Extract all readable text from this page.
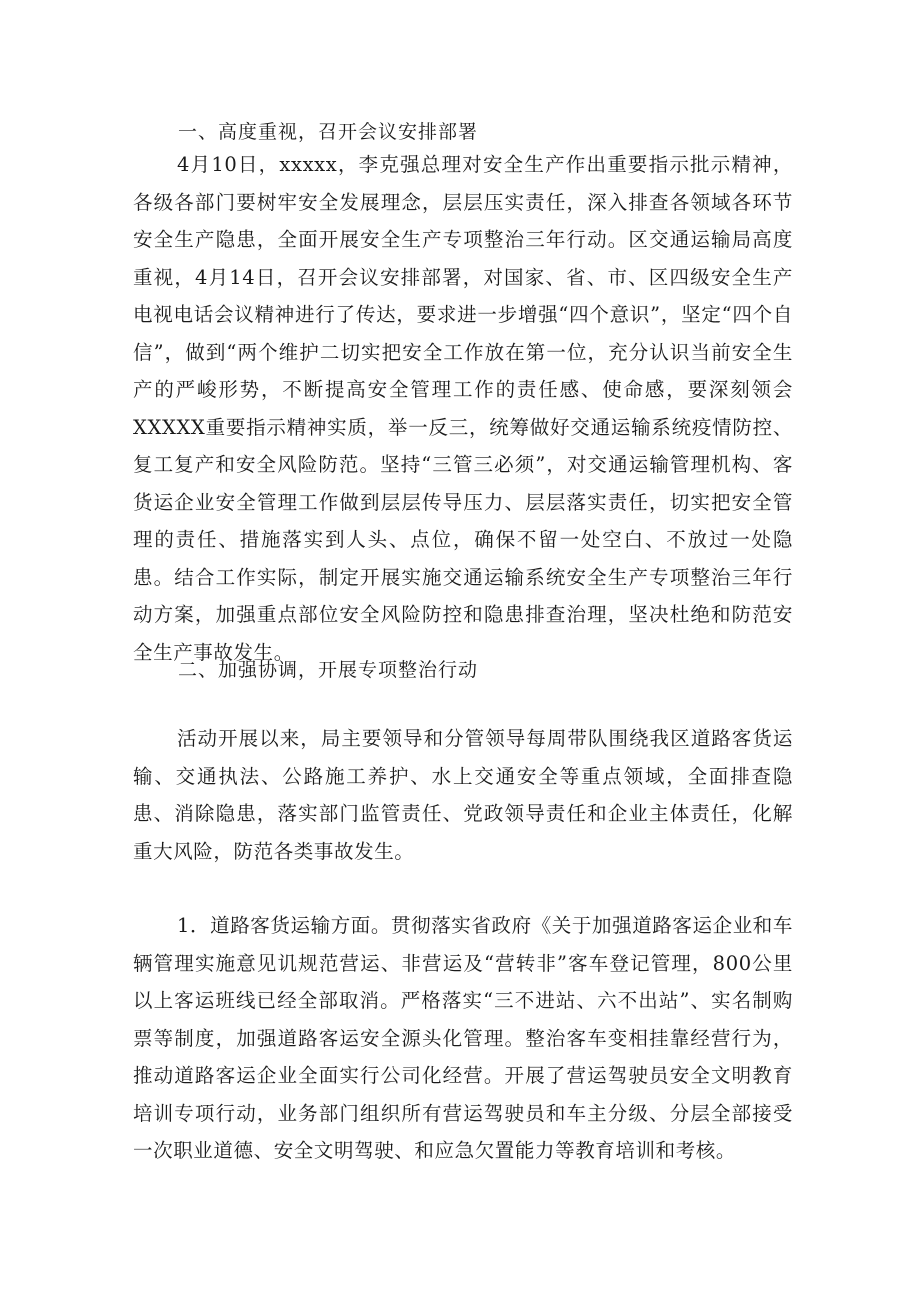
一、高度重视，召开会议安排部署
4月10日，xxxxx，李克强总理对安全生产作出重要指示批示精神，各级各部门要树牢安全发展理念，层层压实责任，深入排查各领域各环节安全生产隐患，全面开展安全生产专项整治三年行动。区交通运输局高度重视，4月14日，召开会议安排部署，对国家、省、市、区四级安全生产电视电话会议精神进行了传达，要求进一步增强“四个意识”，坚定“四个自信”，做到“两个维护二切实把安全工作放在第一位，充分认识当前安全生产的严峻形势，不断提高安全管理工作的责任感、使命感，要深刻领会XXXXX重要指示精神实质，举一反三，统筹做好交通运输系统疫情防控、复工复产和安全风险防范。坚持“三管三必须”，对交通运输管理机构、客货运企业安全管理工作做到层层传导压力、层层落实责任，切实把安全管理的责任、措施落实到人头、点位，确保不留一处空白、不放过一处隐患。结合工作实际，制定开展实施交通运输系统安全生产专项整治三年行动方案，加强重点部位安全风险防控和隐患排查治理，坚决杜绝和防范安全生产事故发生。
二、加强协调，开展专项整治行动
活动开展以来，局主要领导和分管领导每周带队围绕我区道路客货运输、交通执法、公路施工养护、水上交通安全等重点领域，全面排查隐患、消除隐患，落实部门监管责任、党政领导责任和企业主体责任，化解重大风险，防范各类事故发生。
1．道路客货运输方面。贯彻落实省政府《关于加强道路客运企业和车辆管理实施意见讥规范营运、非营运及“营转非”客车登记管理，800公里以上客运班线已经全部取消。严格落实“三不进站、六不出站”、实名制购票等制度，加强道路客运安全源头化管理。整治客车变相挂靠经营行为，推动道路客运企业全面实行公司化经营。开展了营运驾驶员安全文明教育培训专项行动，业务部门组织所有营运驾驶员和车主分级、分层全部接受一次职业道德、安全文明驾驶、和应急欠置能力等教育培训和考核。
